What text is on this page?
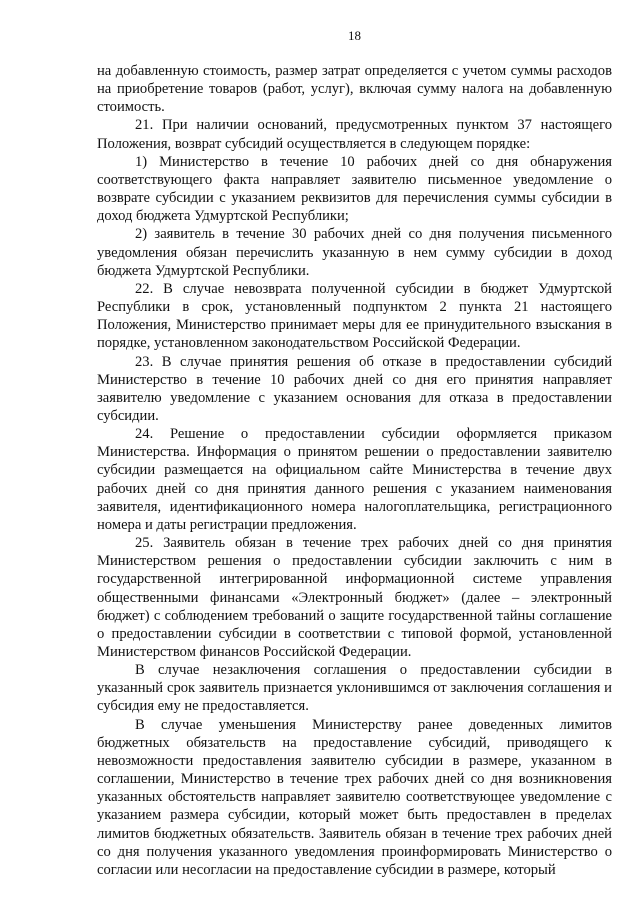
18

на добавленную стоимость, размер затрат определяется с учетом суммы расходов на приобретение товаров (работ, услуг), включая сумму налога на добавленную стоимость.

21. При наличии оснований, предусмотренных пунктом 37 настоящего Положения, возврат субсидий осуществляется в следующем порядке:

1) Министерство в течение 10 рабочих дней со дня обнаружения соответствующего факта направляет заявителю письменное уведомление о возврате субсидии с указанием реквизитов для перечисления суммы субсидии в доход бюджета Удмуртской Республики;

2) заявитель в течение 30 рабочих дней со дня получения письменного уведомления обязан перечислить указанную в нем сумму субсидии в доход бюджета Удмуртской Республики.

22. В случае невозврата полученной субсидии в бюджет Удмуртской Республики в срок, установленный подпунктом 2 пункта 21 настоящего Положения, Министерство принимает меры для ее принудительного взыскания в порядке, установленном законодательством Российской Федерации.

23. В случае принятия решения об отказе в предоставлении субсидий Министерство в течение 10 рабочих дней со дня его принятия направляет заявителю уведомление с указанием основания для отказа в предоставлении субсидии.

24. Решение о предоставлении субсидии оформляется приказом Министерства. Информация о принятом решении о предоставлении заявителю субсидии размещается на официальном сайте Министерства в течение двух рабочих дней со дня принятия данного решения с указанием наименования заявителя, идентификационного номера налогоплательщика, регистрационного номера и даты регистрации предложения.

25. Заявитель обязан в течение трех рабочих дней со дня принятия Министерством решения о предоставлении субсидии заключить с ним в государственной интегрированной информационной системе управления общественными финансами «Электронный бюджет» (далее – электронный бюджет) с соблюдением требований о защите государственной тайны соглашение о предоставлении субсидии в соответствии с типовой формой, установленной Министерством финансов Российской Федерации.

В случае незаключения соглашения о предоставлении субсидии в указанный срок заявитель признается уклонившимся от заключения соглашения и субсидия ему не предоставляется.

В случае уменьшения Министерству ранее доведенных лимитов бюджетных обязательств на предоставление субсидий, приводящего к невозможности предоставления заявителю субсидии в размере, указанном в соглашении, Министерство в течение трех рабочих дней со дня возникновения указанных обстоятельств направляет заявителю соответствующее уведомление с указанием размера субсидии, который может быть предоставлен в пределах лимитов бюджетных обязательств. Заявитель обязан в течение трех рабочих дней со дня получения указанного уведомления проинформировать Министерство о согласии или несогласии на предоставление субсидии в размере, который
